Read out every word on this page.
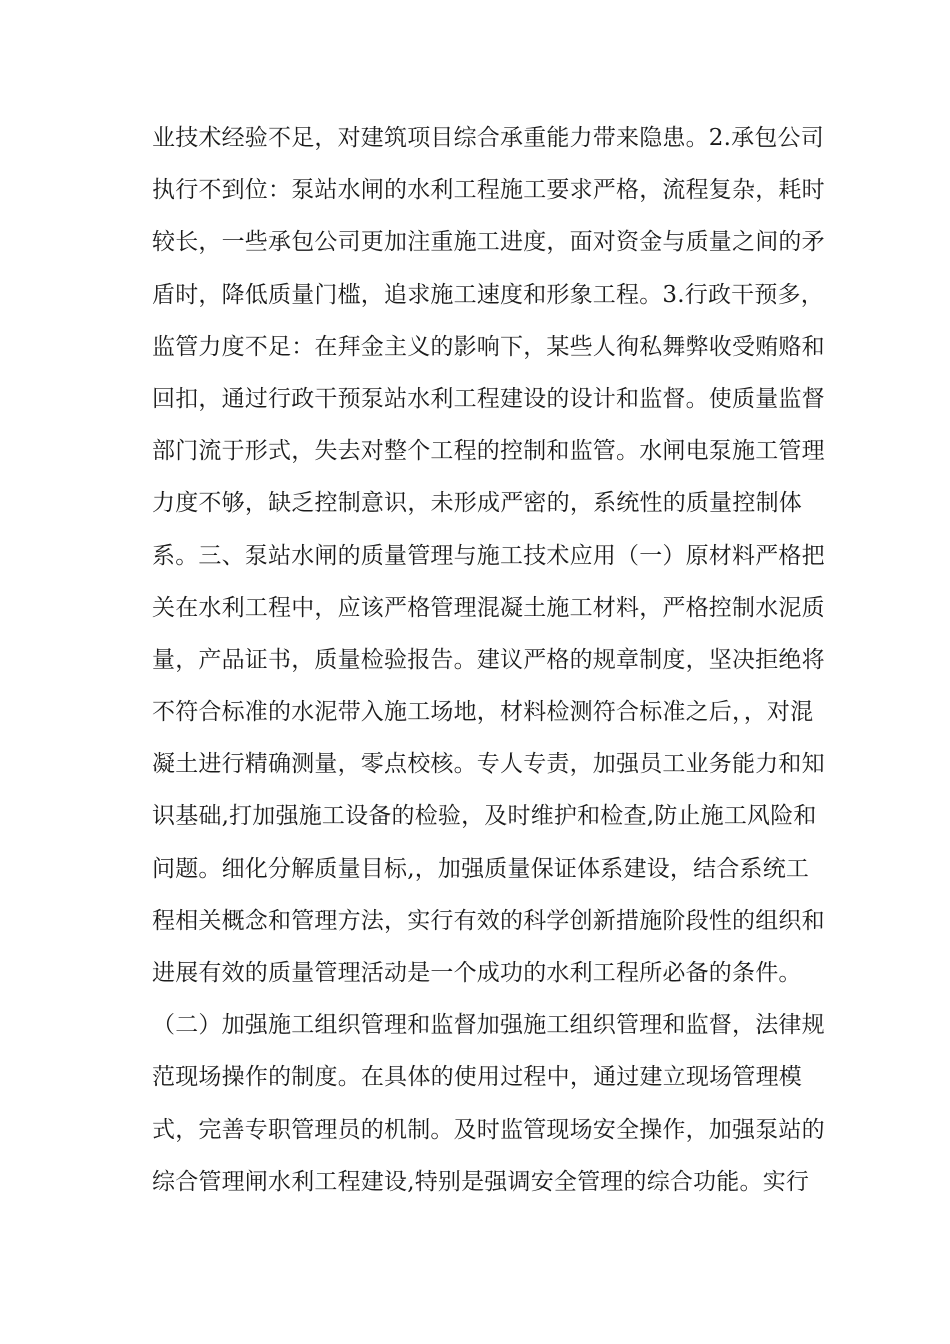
业技术经验不足，对建筑项目综合承重能力带来隐患。2.承包公司
执行不到位：泵站水闸的水利工程施工要求严格，流程复杂，耗时
较长，一些承包公司更加注重施工进度，面对资金与质量之间的矛
盾时，降低质量门槛，追求施工速度和形象工程。3.行政干预多，
监管力度不足：在拜金主义的影响下，某些人徇私舞弊收受贿赂和
回扣，通过行政干预泵站水利工程建设的设计和监督。使质量监督
部门流于形式，失去对整个工程的控制和监管。水闸电泵施工管理
力度不够，缺乏控制意识，未形成严密的，系统性的质量控制体
系。三、泵站水闸的质量管理与施工技术应用（一）原材料严格把
关在水利工程中，应该严格管理混凝土施工材料，严格控制水泥质
量，产品证书，质量检验报告。建议严格的规章制度，坚决拒绝将
不符合标准的水泥带入施工场地，材料检测符合标准之后，，对混
凝土进行精确测量，零点校核。专人专责，加强员工业务能力和知
识基础,打加强施工设备的检验，及时维护和检查,防止施工风险和
问题。细化分解质量目标,，加强质量保证体系建设，结合系统工
程相关概念和管理方法，实行有效的科学创新措施阶段性的组织和
进展有效的质量管理活动是一个成功的水利工程所必备的条件。
（二）加强施工组织管理和监督加强施工组织管理和监督，法律规
范现场操作的制度。在具体的使用过程中，通过建立现场管理模
式，完善专职管理员的机制。及时监管现场安全操作，加强泵站的
综合管理闸水利工程建设,特别是强调安全管理的综合功能。实行
